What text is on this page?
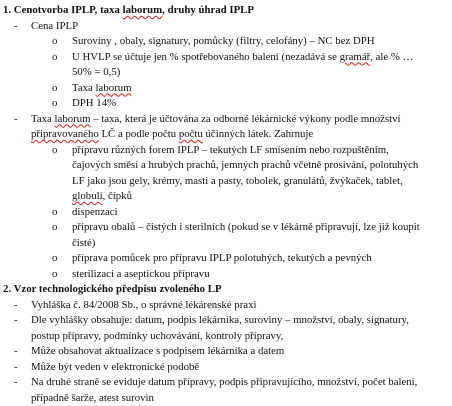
1. Cenotvorba IPLP, taxa laborum, druhy úhrad IPLP
- Cena IPLP
o Suroviny , obaly, signatury, pomůcky (filtry, celofány) – NC bez DPH
o U HVLP se účtuje jen % spotřebovaného balení (nezadává se gramář, ale % …
50% = 0,5)
o Taxa laborum
o DPH 14%
- Taxa laborum – taxa, která je účtována za odborné lékárnické výkony podle množství
připravovaného LČ a podle počtu počtu účinných látek. Zahrnuje
o přípravu různých forem IPLP – tekutých LF smísením nebo rozpuštěním,
čajových směsí a hrubých prachů, jemných prachů včetně prosívání, polotuhých
LF jako jsou gely, krémy, masti a pasty, tobolek, granulátů, žvýkaček, tablet,
globulí, čípků
o dispenzaci
o přípravu obalů – čistých i sterilních (pokud se v lékárně připravují, lze již koupit
čisté)
o příprava pomůcek pro přípravu IPLP polotuhých, tekutých a pevných
o sterilizaci a aseptickou přípravu
2. Vzor technologického předpisu zvoleného LP
- Vyhláška č. 84/2008 Sb., o správné lékárenské praxi
- Dle vyhlášky obsahuje: datum, podpis lékárníka, suroviny – množství, obaly, signatury,
postup přípravy, podmínky uchovávání, kontroly přípravy,
- Může obsahovat aktualizace s podpisem lékárníka a datem
- Může být veden v elektronické podobě
- Na druhé straně se eviduje datum přípravy, podpis připravujícího, množství, počet balení,
případně šarže, atest surovin
